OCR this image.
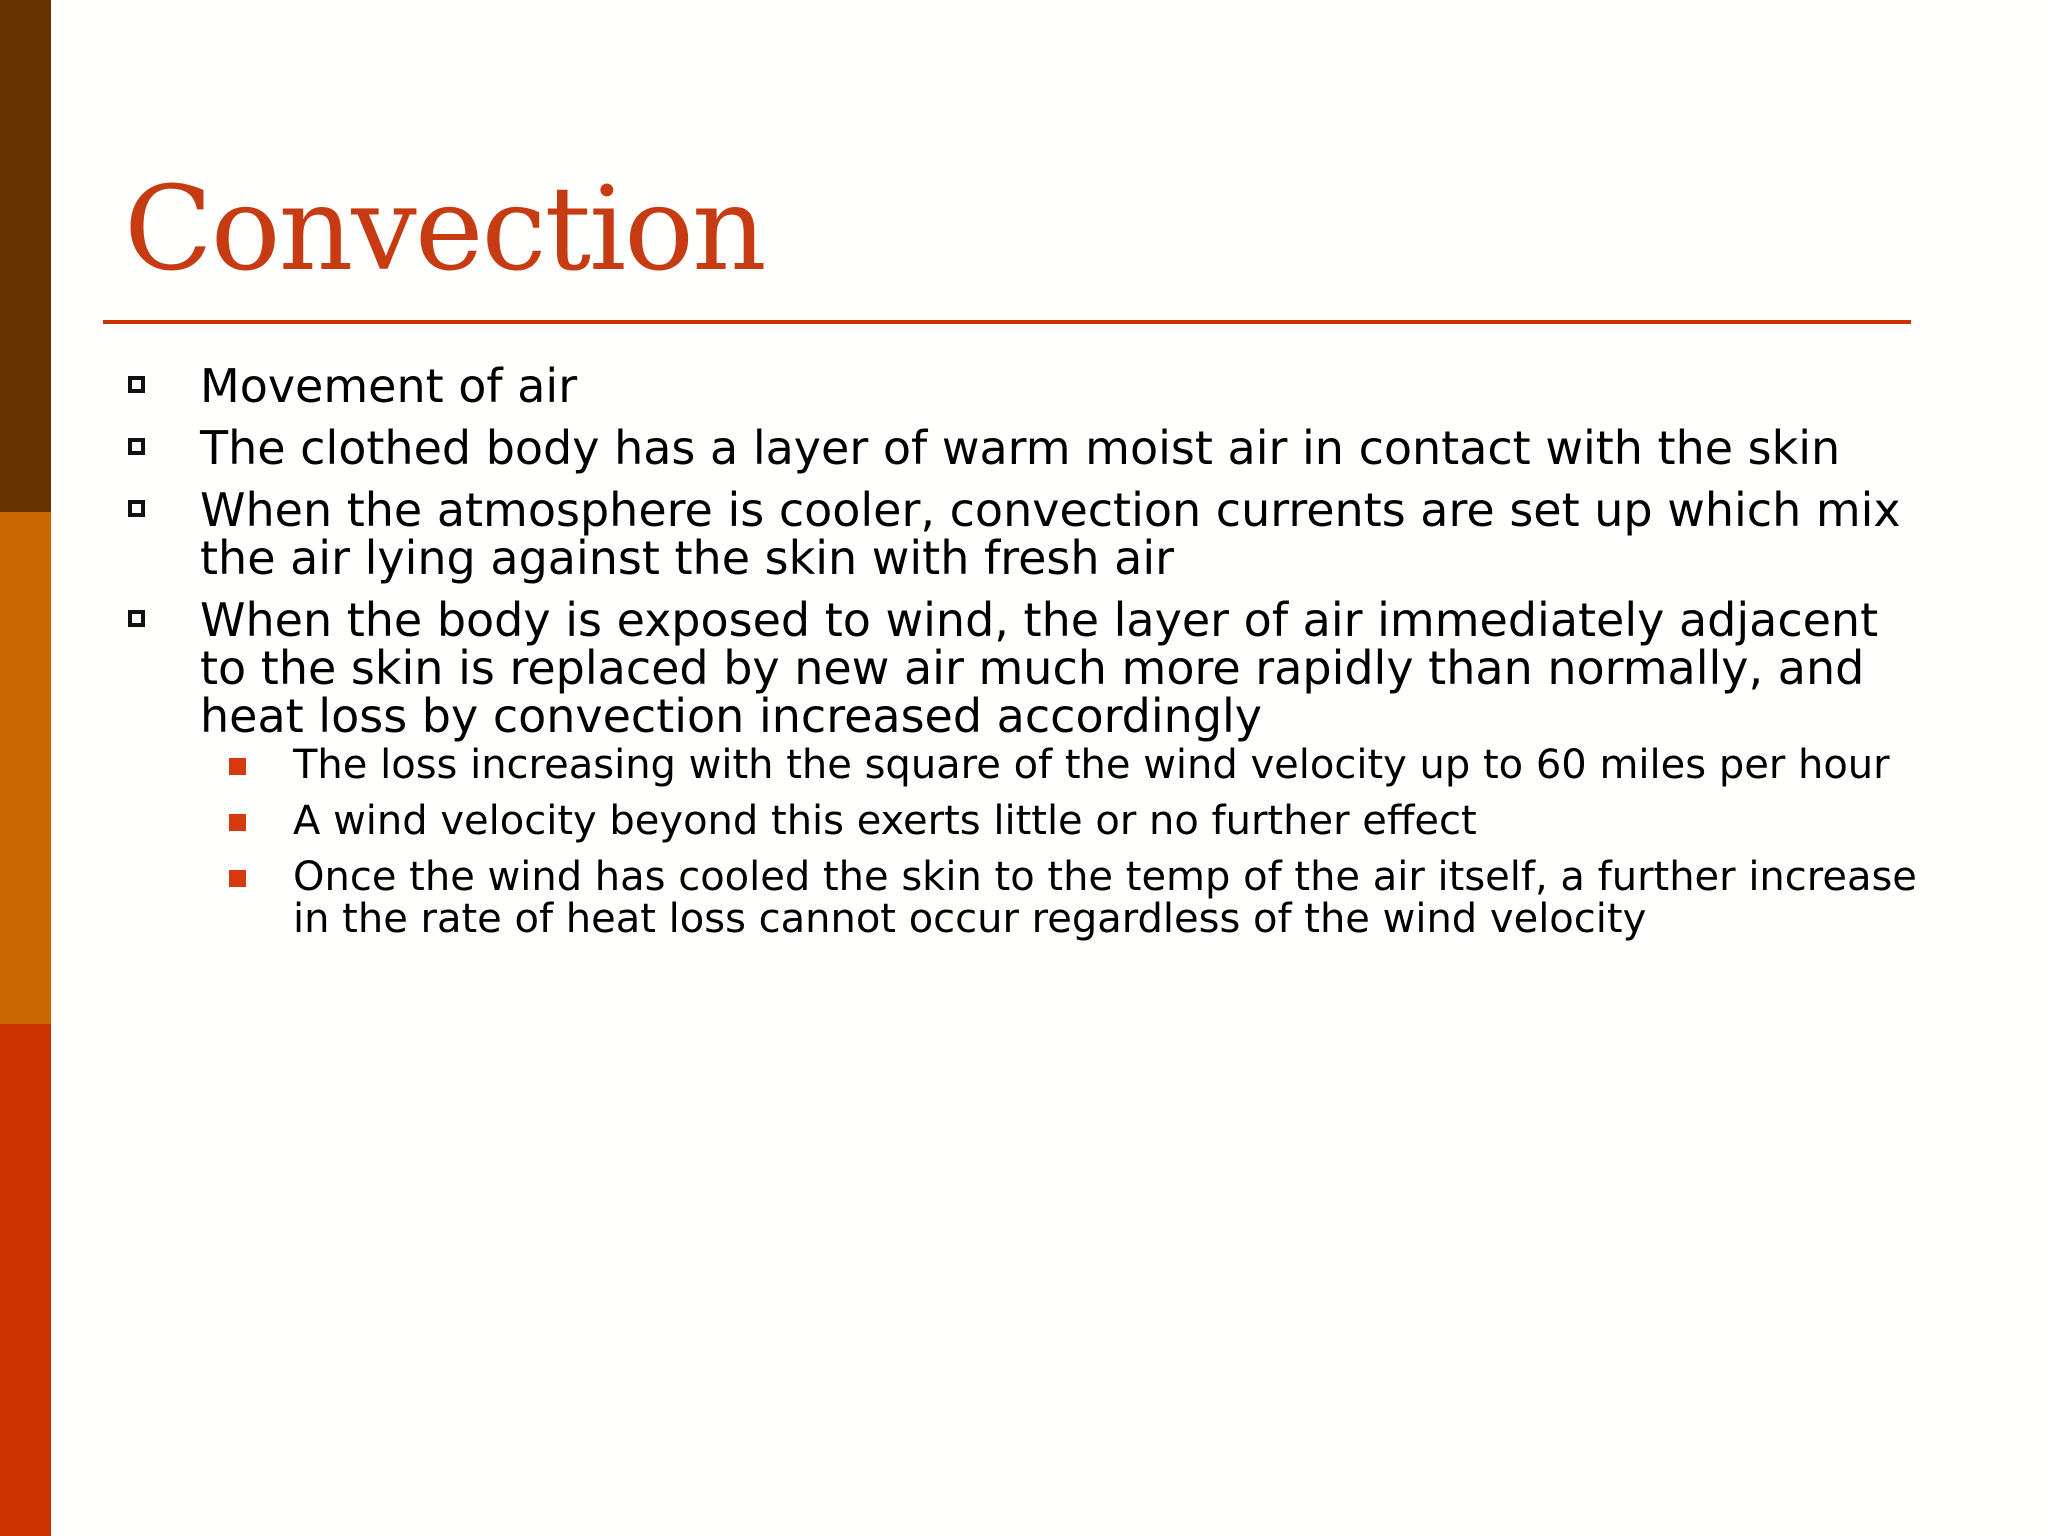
Convection
Movement of air
The clothed body has a layer of warm moist air in contact with the skin
When the atmosphere is cooler, convection currents are set up which mix the air lying against the skin with fresh air
When the body is exposed to wind, the layer of air immediately adjacent to the skin is replaced by new air much more rapidly than normally, and heat loss by convection increased accordingly
The loss increasing with the square of the wind velocity up to 60 miles per hour
A wind velocity beyond this exerts little or no further effect
Once the wind has cooled the skin to the temp of the air itself, a further increase in the rate of heat loss cannot occur regardless of the wind velocity
